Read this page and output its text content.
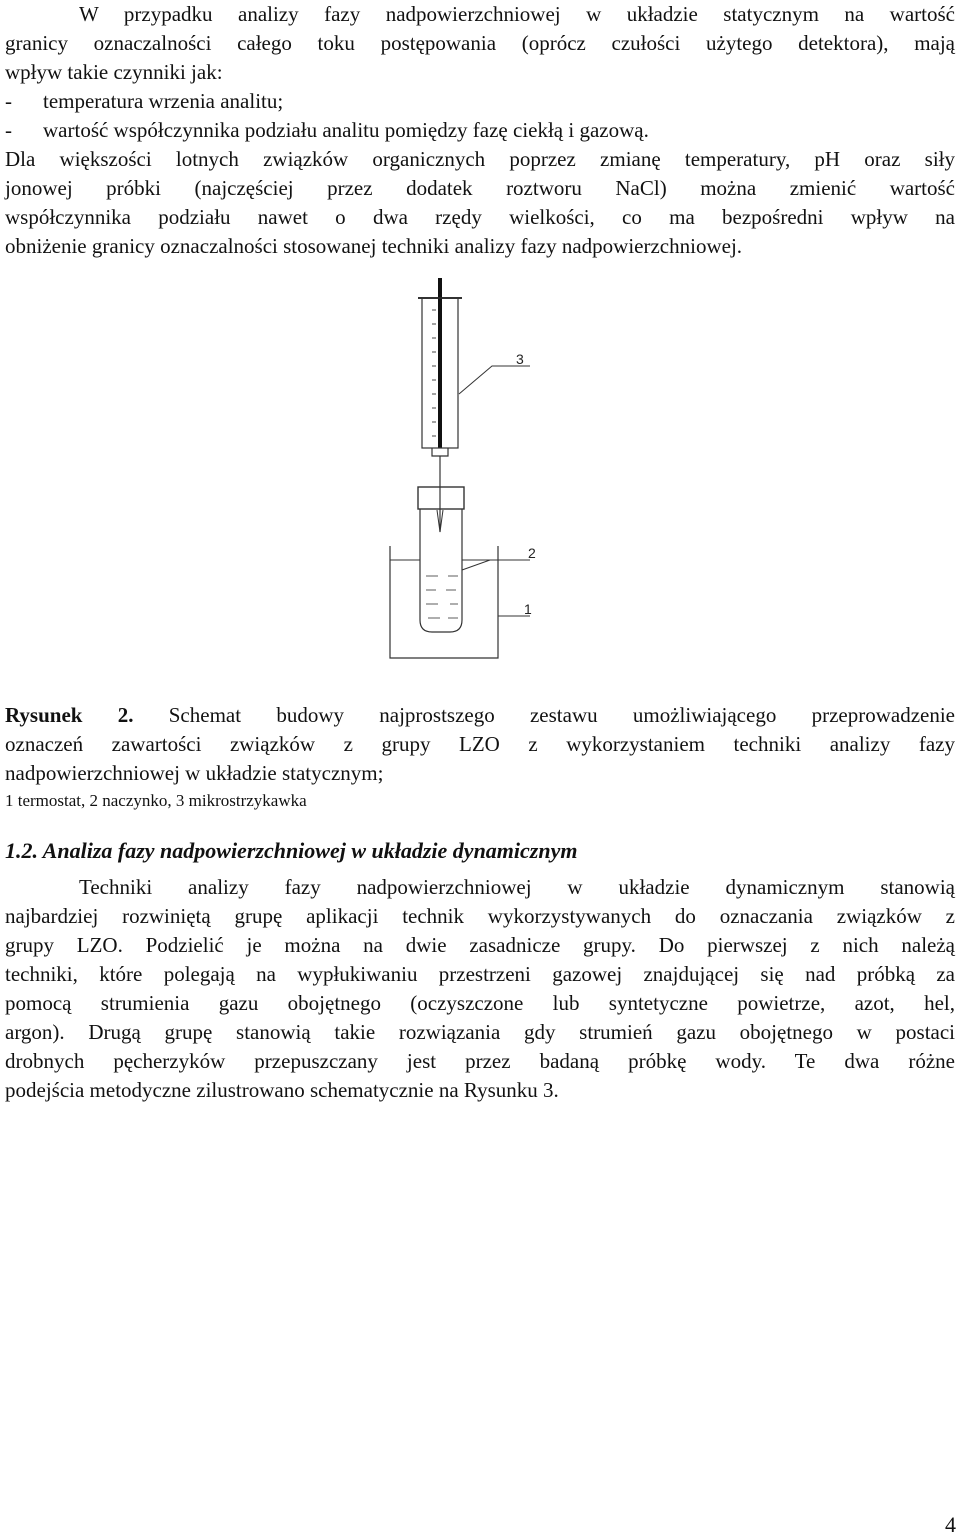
W przypadku analizy fazy nadpowierzchniowej w układzie statycznym na wartość
granicy oznaczalności całego toku postępowania (oprócz czułości użytego detektora), mają
wpływ takie czynniki jak:
- temperatura wrzenia analitu;
- wartość współczynnika podziału analitu pomiędzy fazę ciekłą i gazową.
Dla większości lotnych związków organicznych poprzez zmianę temperatury, pH oraz siły
jonowej próbki (najczęściej przez dodatek roztworu NaCl) można zmienić wartość
współczynnika podziału nawet o dwa rzędy wielkości, co ma bezpośredni wpływ na
obniżenie granicy oznaczalności stosowanej techniki analizy fazy nadpowierzchniowej.
3
2
1
Rysunek 2. Schemat budowy najprostszego zestawu umożliwiającego przeprowadzenie
oznaczeń zawartości związków z grupy LZO z wykorzystaniem techniki analizy fazy
nadpowierzchniowej w układzie statycznym;
1 termostat, 2 naczynko, 3 mikrostrzykawka
1.2. Analiza fazy nadpowierzchniowej w układzie dynamicznym
Techniki analizy fazy nadpowierzchniowej w układzie dynamicznym stanowią
najbardziej rozwiniętą grupę aplikacji technik wykorzystywanych do oznaczania związków z
grupy LZO. Podzielić je można na dwie zasadnicze grupy. Do pierwszej z nich należą
techniki, które polegają na wypłukiwaniu przestrzeni gazowej znajdującej się nad próbką za
pomocą strumienia gazu obojętnego (oczyszczone lub syntetyczne powietrze, azot, hel,
argon). Drugą grupę stanowią takie rozwiązania gdy strumień gazu obojętnego w postaci
drobnych pęcherzyków przepuszczany jest przez badaną próbkę wody. Te dwa różne
podejścia metodyczne zilustrowano schematycznie na Rysunku 3.
4
